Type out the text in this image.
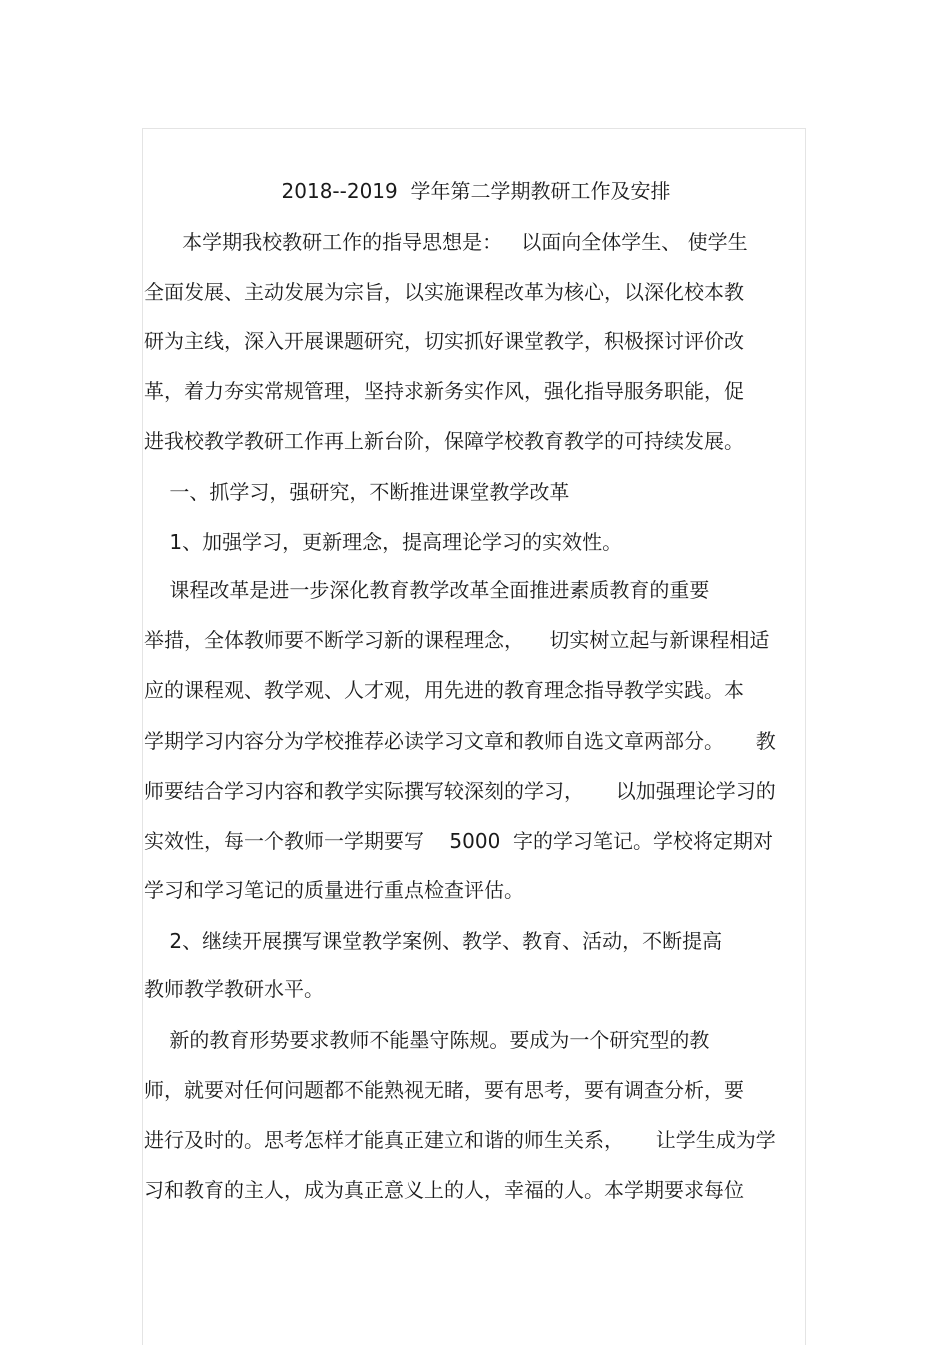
2018--2019  学年第二学期教研工作及安排
本学期我校教研工作的指导思想是：   以面向全体学生、 使学生
全面发展、主动发展为宗旨，以实施课程改革为核心，以深化校本教
研为主线，深入开展课题研究，切实抓好课堂教学，积极探讨评价改
革，着力夯实常规管理，坚持求新务实作风，强化指导服务职能，促
进我校教学教研工作再上新台阶，保障学校教育教学的可持续发展。
一、抓学习，强研究，不断推进课堂教学改革
1、加强学习，更新理念，提高理论学习的实效性。
课程改革是进一步深化教育教学改革全面推进素质教育的重要
举措，全体教师要不断学习新的课程理念，    切实树立起与新课程相适
应的课程观、教学观、人才观，用先进的教育理念指导教学实践。本
学期学习内容分为学校推荐必读学习文章和教师自选文章两部分。     教
师要结合学习内容和教学实际撰写较深刻的学习，     以加强理论学习的
实效性，每一个教师一学期要写    5000  字的学习笔记。学校将定期对
学习和学习笔记的质量进行重点检查评估。
2、继续开展撰写课堂教学案例、教学、教育、活动，不断提高
教师教学教研水平。
新的教育形势要求教师不能墨守陈规。要成为一个研究型的教
师，就要对任何问题都不能熟视无睹，要有思考，要有调查分析，要
进行及时的。思考怎样才能真正建立和谐的师生关系，     让学生成为学
习和教育的主人，成为真正意义上的人，幸福的人。本学期要求每位
